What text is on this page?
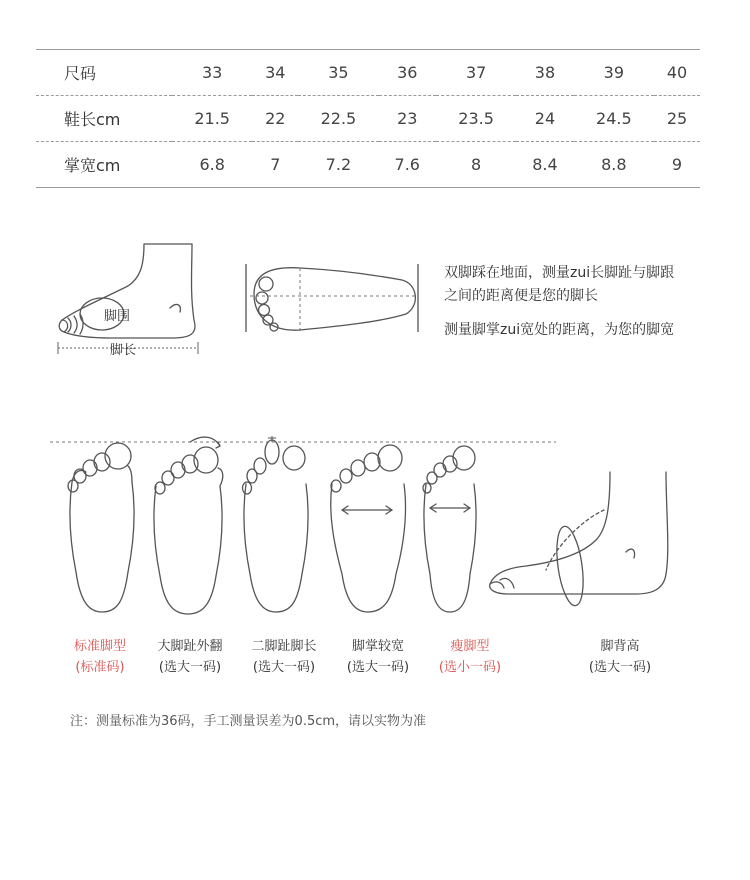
尺码	33	34	35	36	37	38	39	40
鞋长cm	21.5	22	22.5	23	23.5	24	24.5	25
掌宽cm	6.8	7	7.2	7.6	8	8.4	8.8	9
脚围
脚长
双脚踩在地面，测量zui长脚趾与脚跟
之间的距离便是您的脚长
测量脚掌zui宽处的距离，为您的脚宽
标准脚型
(标准码)
大脚趾外翻
(选大一码)
二脚趾脚长
(选大一码)
脚掌较宽
(选大一码)
瘦脚型
(选小一码)
脚背高
(选大一码)
注：测量标准为36码，手工测量误差为0.5cm，请以实物为准
